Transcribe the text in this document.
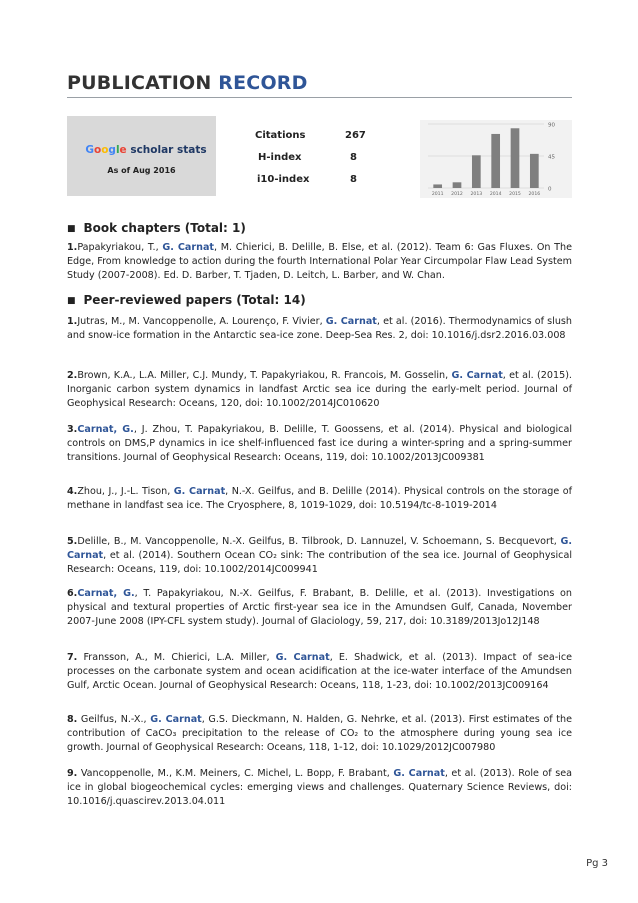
PUBLICATION RECORD
Google scholar stats
As of Aug 2016
Citations	267
H-index	8
i10-index	8
90
45
0
2011 2012 2013 2014 2015 2016
■ Book chapters (Total: 1)

1.Papakyriakou, T., G. Carnat, M. Chierici, B. Delille, B. Else, et al. (2012). Team 6: Gas Fluxes. On The Edge, From knowledge to action during the fourth International Polar Year Circumpolar Flaw Lead System Study (2007-2008). Ed. D. Barber, T. Tjaden, D. Leitch, L. Barber, and W. Chan.

■ Peer-reviewed papers (Total: 14)

1.Jutras, M., M. Vancoppenolle, A. Lourenço, F. Vivier, G. Carnat, et al. (2016). Thermodynamics of slush and snow-ice formation in the Antarctic sea-ice zone. Deep-Sea Res. 2, doi: 10.1016/j.dsr2.2016.03.008

2.Brown, K.A., L.A. Miller, C.J. Mundy, T. Papakyriakou, R. Francois, M. Gosselin, G. Carnat, et al. (2015). Inorganic carbon system dynamics in landfast Arctic sea ice during the early-melt period. Journal of Geophysical Research: Oceans, 120, doi: 10.1002/2014JC010620

3.Carnat, G., J. Zhou, T. Papakyriakou, B. Delille, T. Goossens, et al. (2014). Physical and biological controls on DMS,P dynamics in ice shelf-influenced fast ice during a winter-spring and a spring-summer transitions. Journal of Geophysical Research: Oceans, 119, doi: 10.1002/2013JC009381

4.Zhou, J., J.-L. Tison, G. Carnat, N.-X. Geilfus, and B. Delille (2014). Physical controls on the storage of methane in landfast sea ice. The Cryosphere, 8, 1019-1029, doi: 10.5194/tc-8-1019-2014

5.Delille, B., M. Vancoppenolle, N.-X. Geilfus, B. Tilbrook, D. Lannuzel, V. Schoemann, S. Becquevort, G. Carnat, et al. (2014). Southern Ocean CO₂ sink: The contribution of the sea ice. Journal of Geophysical Research: Oceans, 119, doi: 10.1002/2014JC009941

6.Carnat, G., T. Papakyriakou, N.-X. Geilfus, F. Brabant, B. Delille, et al. (2013). Investigations on physical and textural properties of Arctic first-year sea ice in the Amundsen Gulf, Canada, November 2007-June 2008 (IPY-CFL system study). Journal of Glaciology, 59, 217, doi: 10.3189/2013Jo12J148

7. Fransson, A., M. Chierici, L.A. Miller, G. Carnat, E. Shadwick, et al. (2013). Impact of sea-ice processes on the carbonate system and ocean acidification at the ice-water interface of the Amundsen Gulf, Arctic Ocean. Journal of Geophysical Research: Oceans, 118, 1-23, doi: 10.1002/2013JC009164

8. Geilfus, N.-X., G. Carnat, G.S. Dieckmann, N. Halden, G. Nehrke, et al. (2013). First estimates of the contribution of CaCO₃ precipitation to the release of CO₂ to the atmosphere during young sea ice growth. Journal of Geophysical Research: Oceans, 118, 1-12, doi: 10.1029/2012JC007980

9. Vancoppenolle, M., K.M. Meiners, C. Michel, L. Bopp, F. Brabant, G. Carnat, et al. (2013). Role of sea ice in global biogeochemical cycles: emerging views and challenges. Quaternary Science Reviews, doi: 10.1016/j.quascirev.2013.04.011

Pg 3
